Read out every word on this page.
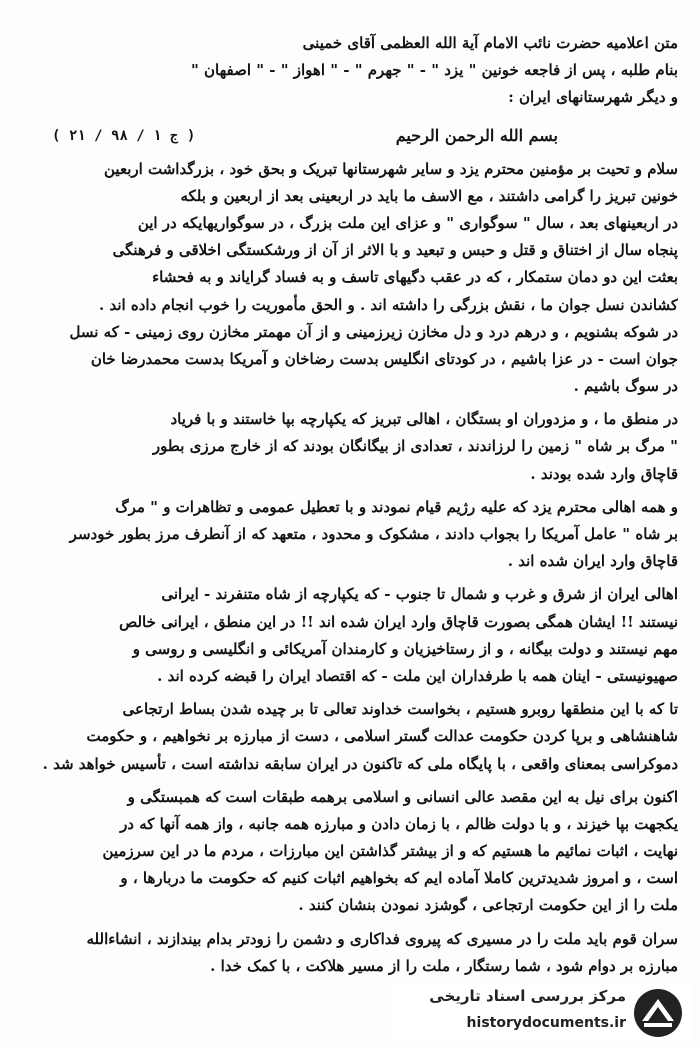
متن اعلامیه حضرت نائب الامام آیة الله العظمی آقای خمینی
بنام طلبه ، پس از فاجعه خونین " یزد " - " جهرم " - " اهواز " - " اصفهان "
و دیگر شهرستانهای ایران :
بسم الله الرحمن الرحیم
( ۲۱ / ج ۱ / ۹۸ )
سلام و تحیت بر مؤمنین محترم یزد و سایر شهرستانها تبریک و بحق خود ، بزرگداشت اربعین
خونین تبریز را گرامی داشتند ، مع الاسف ما باید در اربعینی بعد از اربعین و بلکه
در اربعینهای بعد ، سال " سوگواری " و عزای این ملت بزرگ ، در سوگواریهایکه در این
پنجاه سال از اختناق و قتل و حبس و تبعید و با الاثر از آن از ورشکستگی اخلاقی و فرهنگی
بعثت این دو دمان ستمکار ، که در عقب دگیهای تاسف و به فساد گرایاند و به فحشاء
کشاندن نسل جوان ما ، نقش بزرگی را داشته اند . و الحق مأموریت را خوب انجام داده اند .
در شوکه بشنویم ، و درهم درد و دل مخازن زیرزمینی و از آن مهمتر مخازن روی زمینی - که نسل
جوان است - در عزا باشیم ، در کودتای انگلیس بدست رضاخان و آمریکا بدست محمدرضا خان
در سوگ باشیم .
در منطق ما ، و مزدوران او بستگان ، اهالی تبریز که یکپارچه بپا خاستند و با فریاد
" مرگ بر شاه " زمین را لرزاندند ، تعدادی از بیگانگان بودند که از خارج مرزی بطور
قاچاق وارد شده بودند .
و همه اهالی محترم یزد که علیه رژیم قیام نمودند و با تعطیل عمومی و تظاهرات و " مرگ
بر شاه " عامل آمریکا را بجواب دادند ، مشکوک و محدود ، متعهد که از آنطرف مرز بطور خودسر
قاچاق وارد ایران شده اند .
اهالی ایران از شرق و غرب و شمال تا جنوب - که یکپارچه از شاه متنفرند - ایرانی
نیستند !! ایشان همگی بصورت قاچاق وارد ایران شده اند !! در این منطق ، ایرانی خالص
مهم نیستند و دولت بیگانه ، و از رستاخیزیان و کارمندان آمریکائی و انگلیسی و روسی و
صهیونیستی - اینان همه با طرفداران این ملت - که اقتصاد ایران را قبضه کرده اند .
تا که با این منطقها روبرو هستیم ، بخواست خداوند تعالی تا بر چیده شدن بساط ارتجاعی
شاهنشاهی و برپا کردن حکومت عدالت گستر اسلامی ، دست از مبارزه بر نخواهیم ، و حکومت
دموکراسی بمعنای واقعی ، با پایگاه ملی که تاکنون در ایران سابقه نداشته است ، تأسیس خواهد شد .
اکنون برای نیل به این مقصد عالی انسانی و اسلامی برهمه طبقات است که همبستگی و
یکجهت بپا خیزند ، و با دولت ظالم ، با زمان دادن و مبارزه همه جانبه ، واز همه آنها که در
نهایت ، اثبات نمائیم ما هستیم که و از بیشتر گذاشتن این مبارزات ، مردم ما در این سرزمین
است ، و امروز شدیدترین کاملا آماده ایم که بخواهیم اثبات کنیم که حکومت ما دربارها ، و
ملت را از این حکومت ارتجاعی ، گوشزد نمودن بنشان کنند .
سران قوم باید ملت را در مسیری که پیروی فداکاری و دشمن را زودتر بدام بیندازند ، انشاءالله
مبارزه بر دوام شود ، شما رستگار ، ملت را از مسیر هلاکت ، با کمک خدا .
مرکز بررسی اسناد تاریخی
historydocuments.ir
